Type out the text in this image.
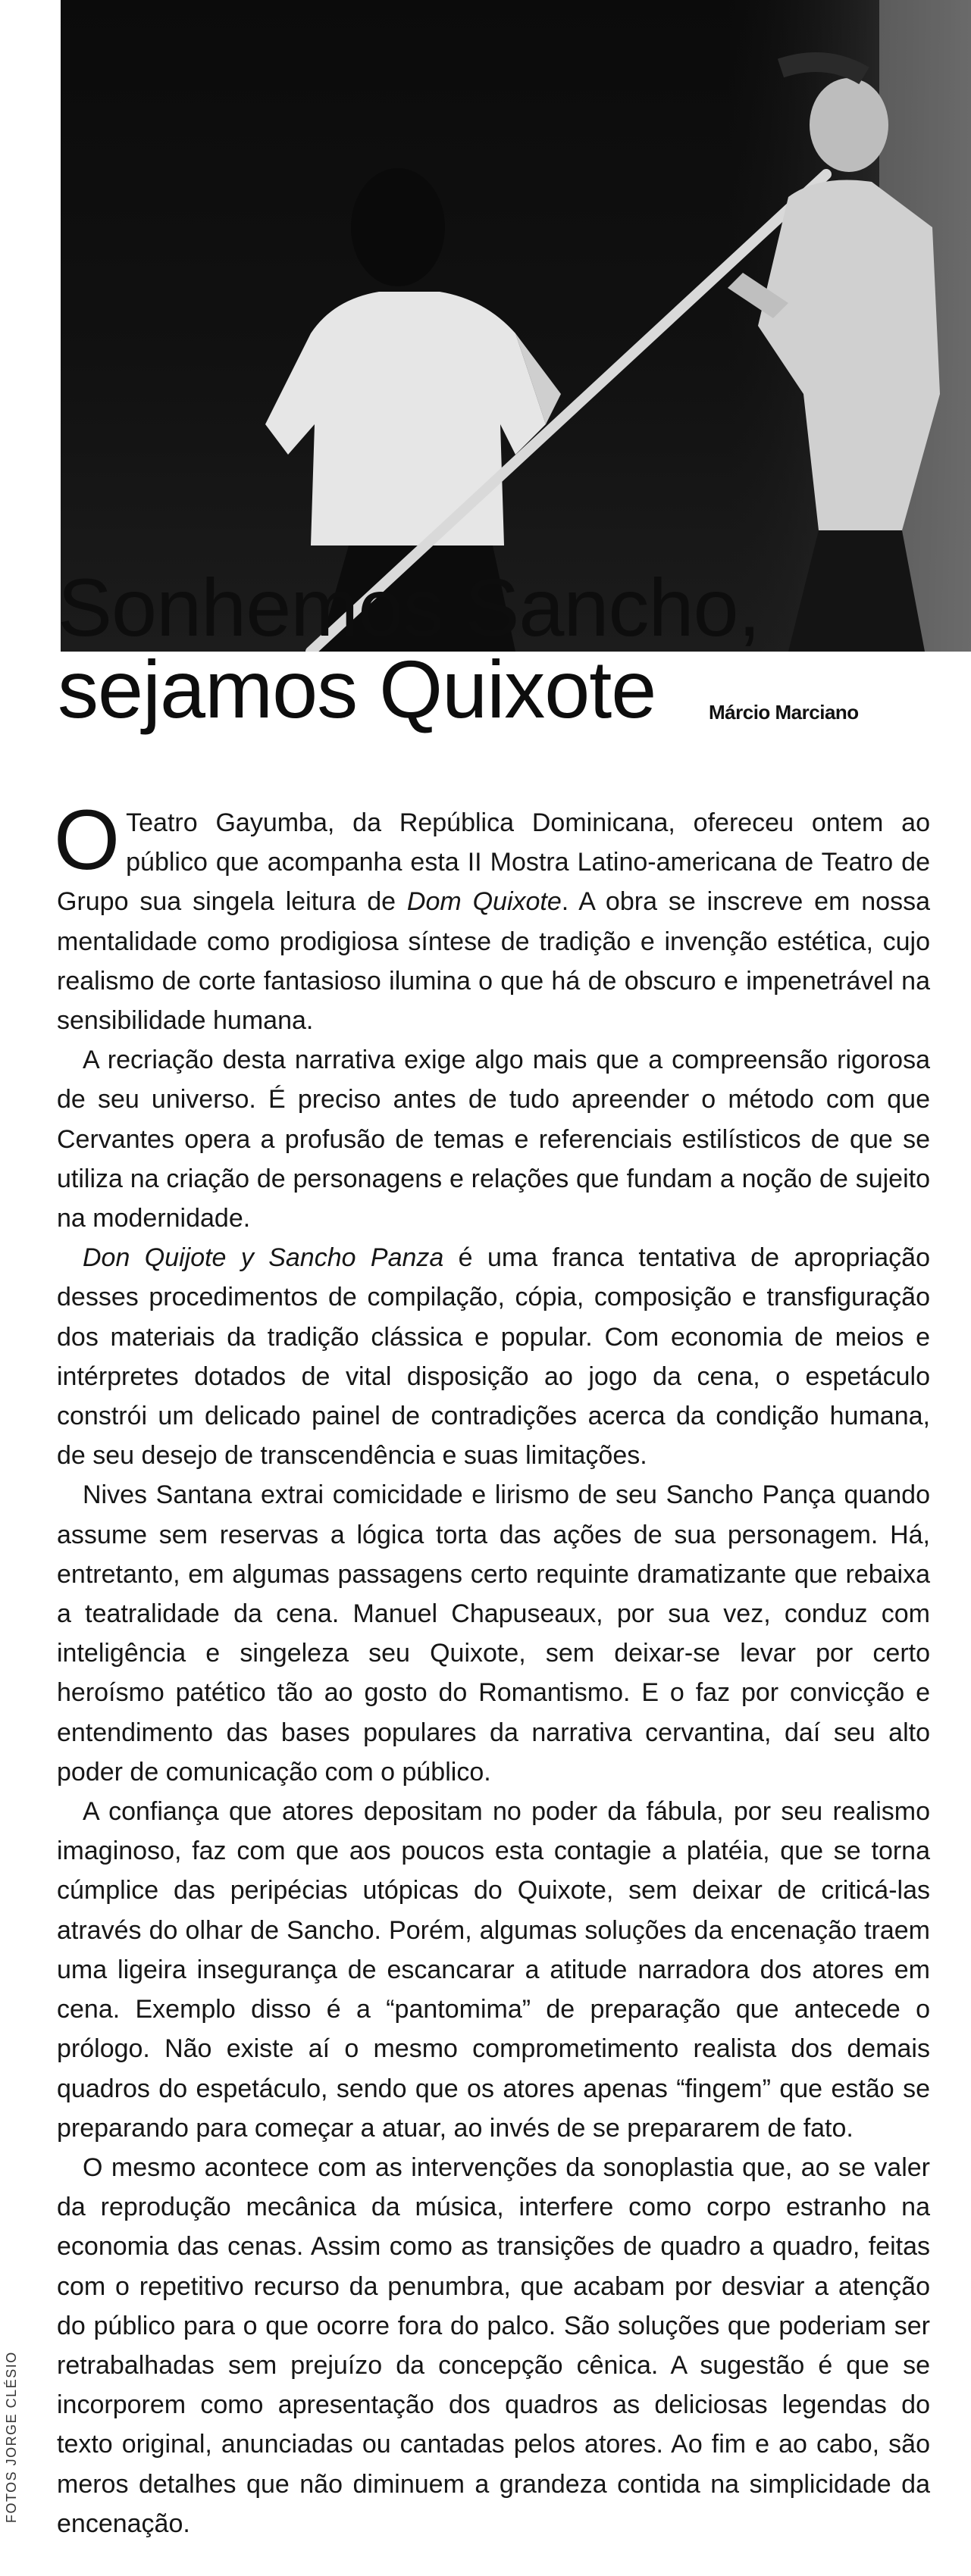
Sonhemos Sancho,
sejamos Quixote	Márcio Marciano

O Teatro Gayumba, da República Dominicana, ofereceu ontem ao público que acompanha esta II Mostra Latino-americana de Teatro de Grupo sua singela leitura de Dom Quixote. A obra se inscreve em nossa mentalidade como prodigiosa síntese de tradição e invenção estética, cujo realismo de corte fantasioso ilumina o que há de obscuro e impenetrável na sensibilidade humana.

A recriação desta narrativa exige algo mais que a compreensão rigorosa de seu universo. É preciso antes de tudo apreender o método com que Cervantes opera a profusão de temas e referenciais estilísticos de que se utiliza na criação de personagens e relações que fundam a noção de sujeito na modernidade.

Don Quijote y Sancho Panza é uma franca tentativa de apropriação desses procedimentos de compilação, cópia, composição e transfiguração dos materiais da tradição clássica e popular. Com economia de meios e intérpretes dotados de vital disposição ao jogo da cena, o espetáculo constrói um delicado painel de contradições acerca da condição humana, de seu desejo de transcendência e suas limitações.

Nives Santana extrai comicidade e lirismo de seu Sancho Pança quando assume sem reservas a lógica torta das ações de sua personagem. Há, entretanto, em algumas passagens certo requinte dramatizante que rebaixa a teatralidade da cena. Manuel Chapuseaux, por sua vez, conduz com inteligência e singeleza seu Quixote, sem deixar-se levar por certo heroísmo patético tão ao gosto do Romantismo. E o faz por convicção e entendimento das bases populares da narrativa cervantina, daí seu alto poder de comunicação com o público.

A confiança que atores depositam no poder da fábula, por seu realismo imaginoso, faz com que aos poucos esta contagie a platéia, que se torna cúmplice das peripécias utópicas do Quixote, sem deixar de criticá-las através do olhar de Sancho. Porém, algumas soluções da encenação traem uma ligeira insegurança de escancarar a atitude narradora dos atores em cena. Exemplo disso é a “pantomima” de preparação que antecede o prólogo. Não existe aí o mesmo comprometimento realista dos demais quadros do espetáculo, sendo que os atores apenas “fingem” que estão se preparando para começar a atuar, ao invés de se prepararem de fato.

O mesmo acontece com as intervenções da sonoplastia que, ao se valer da reprodução mecânica da música, interfere como corpo estranho na economia das cenas. Assim como as transições de quadro a quadro, feitas com o repetitivo recurso da penumbra, que acabam por desviar a atenção do público para o que ocorre fora do palco. São soluções que poderiam ser retrabalhadas sem prejuízo da concepção cênica. A sugestão é que se incorporem como apresentação dos quadros as deliciosas legendas do texto original, anunciadas ou cantadas pelos atores. Ao fim e ao cabo, são meros detalhes que não diminuem a grandeza contida na simplicidade da encenação.

FOTOS JORGE CLÉSIO
